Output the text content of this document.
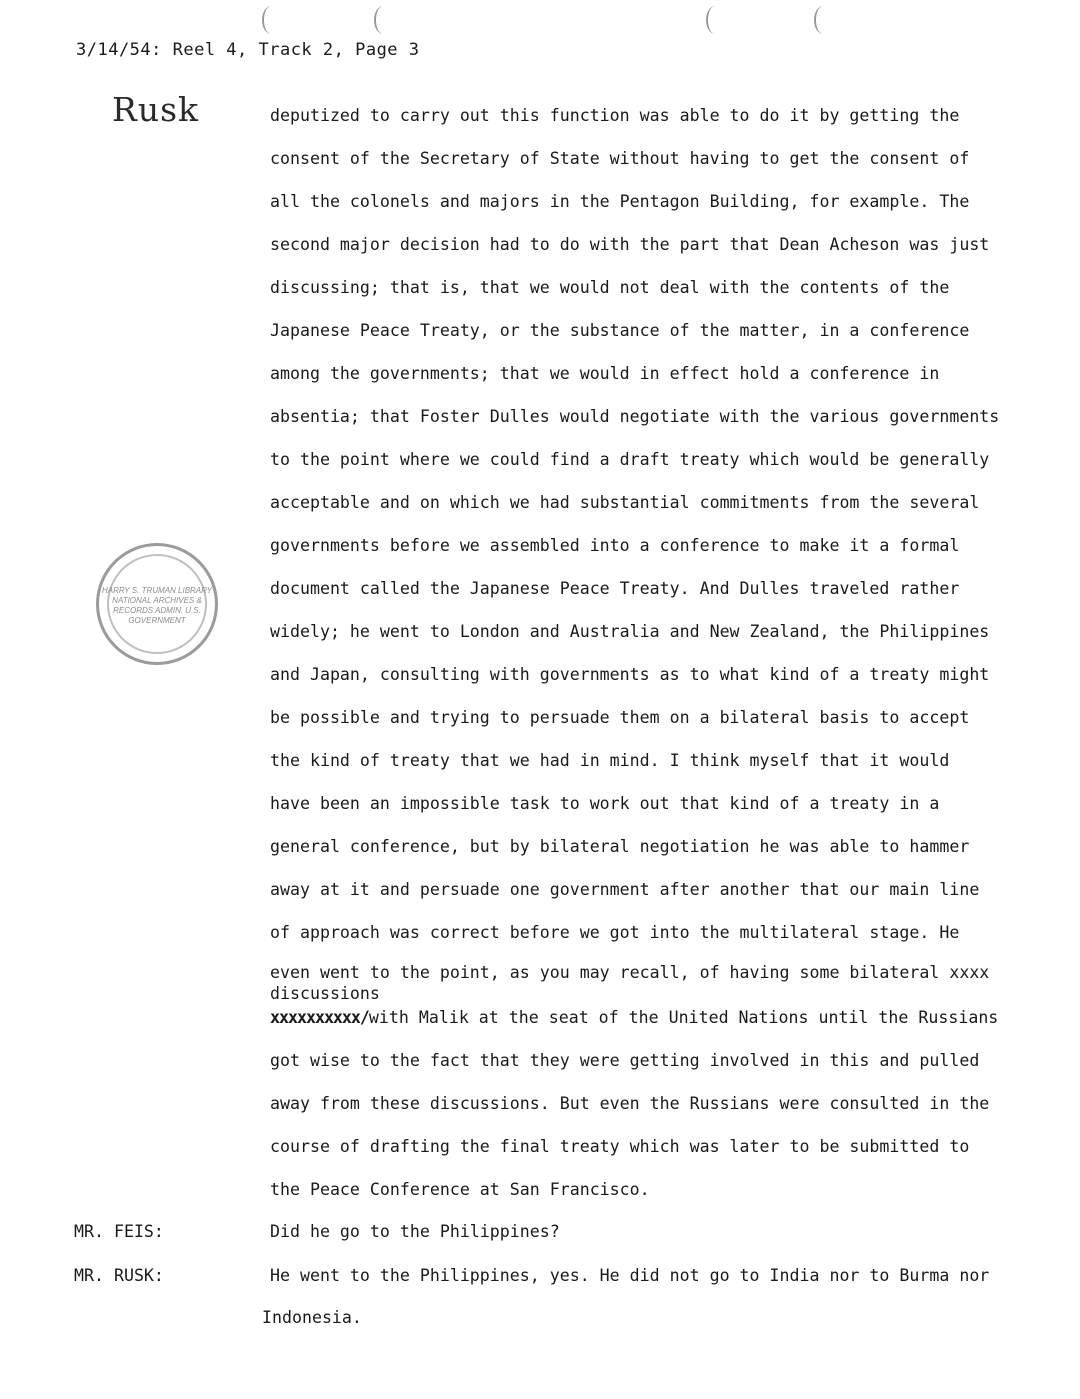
3/14/54: Reel 4, Track 2, Page 3
Rusk
HARRY S. TRUMAN LIBRARY NATIONAL ARCHIVES & RECORDS ADMIN. U.S. GOVERNMENT
deputized to carry out this function was able to do it by getting the
consent of the Secretary of State without having to get the consent of
all the colonels and majors in the Pentagon Building, for example. The
second major decision had to do with the part that Dean Acheson was just
discussing; that is, that we would not deal with the contents of the
Japanese Peace Treaty, or the substance of the matter, in a conference
among the governments; that we would in effect hold a conference in
absentia; that Foster Dulles would negotiate with the various governments
to the point where we could find a draft treaty which would be generally
acceptable and on which we had substantial commitments from the several
governments before we assembled into a conference to make it a formal
document called the Japanese Peace Treaty. And Dulles traveled rather
widely; he went to London and Australia and New Zealand, the Philippines
and Japan, consulting with governments as to what kind of a treaty might
be possible and trying to persuade them on a bilateral basis to accept
the kind of treaty that we had in mind. I think myself that it would
have been an impossible task to work out that kind of a treaty in a
general conference, but by bilateral negotiation he was able to hammer
away at it and persuade one government after another that our main line
of approach was correct before we got into the multilateral stage. He
even went to the point, as you may recall, of having some bilateral xxxx
discussions
xxxxxxxxxx/with Malik at the seat of the United Nations until the Russians
got wise to the fact that they were getting involved in this and pulled
away from these discussions. But even the Russians were consulted in the
course of drafting the final treaty which was later to be submitted to
the Peace Conference at San Francisco.
MR. FEIS:	Did he go to the Philippines?
MR. RUSK:	He went to the Philippines, yes. He did not go to India nor to Burma nor
Indonesia.
